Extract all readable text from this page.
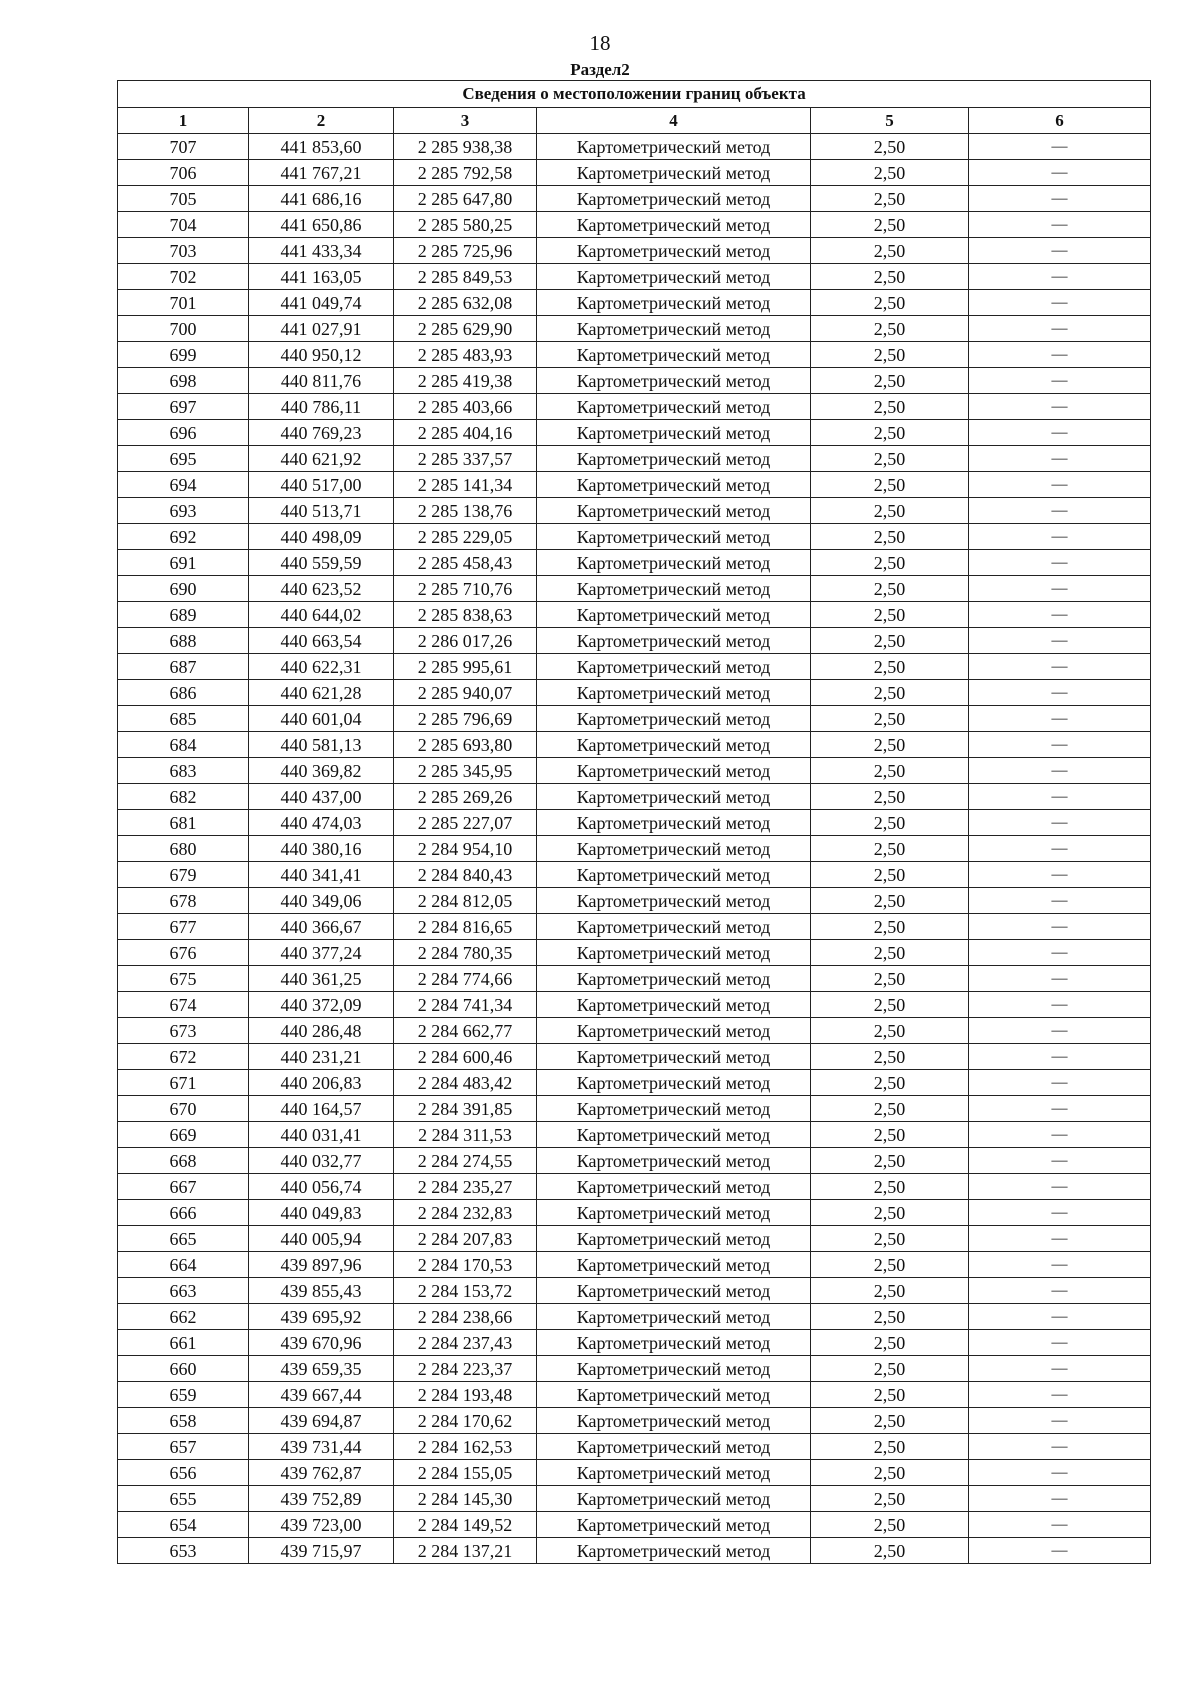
18
Раздел2
Сведения о местоположении границ объекта					
1	2	3	4	5	6
707	441 853,60	2 285 938,38	Картометрический метод	2,50	—
706	441 767,21	2 285 792,58	Картометрический метод	2,50	—
705	441 686,16	2 285 647,80	Картометрический метод	2,50	—
704	441 650,86	2 285 580,25	Картометрический метод	2,50	—
703	441 433,34	2 285 725,96	Картометрический метод	2,50	—
702	441 163,05	2 285 849,53	Картометрический метод	2,50	—
701	441 049,74	2 285 632,08	Картометрический метод	2,50	—
700	441 027,91	2 285 629,90	Картометрический метод	2,50	—
699	440 950,12	2 285 483,93	Картометрический метод	2,50	—
698	440 811,76	2 285 419,38	Картометрический метод	2,50	—
697	440 786,11	2 285 403,66	Картометрический метод	2,50	—
696	440 769,23	2 285 404,16	Картометрический метод	2,50	—
695	440 621,92	2 285 337,57	Картометрический метод	2,50	—
694	440 517,00	2 285 141,34	Картометрический метод	2,50	—
693	440 513,71	2 285 138,76	Картометрический метод	2,50	—
692	440 498,09	2 285 229,05	Картометрический метод	2,50	—
691	440 559,59	2 285 458,43	Картометрический метод	2,50	—
690	440 623,52	2 285 710,76	Картометрический метод	2,50	—
689	440 644,02	2 285 838,63	Картометрический метод	2,50	—
688	440 663,54	2 286 017,26	Картометрический метод	2,50	—
687	440 622,31	2 285 995,61	Картометрический метод	2,50	—
686	440 621,28	2 285 940,07	Картометрический метод	2,50	—
685	440 601,04	2 285 796,69	Картометрический метод	2,50	—
684	440 581,13	2 285 693,80	Картометрический метод	2,50	—
683	440 369,82	2 285 345,95	Картометрический метод	2,50	—
682	440 437,00	2 285 269,26	Картометрический метод	2,50	—
681	440 474,03	2 285 227,07	Картометрический метод	2,50	—
680	440 380,16	2 284 954,10	Картометрический метод	2,50	—
679	440 341,41	2 284 840,43	Картометрический метод	2,50	—
678	440 349,06	2 284 812,05	Картометрический метод	2,50	—
677	440 366,67	2 284 816,65	Картометрический метод	2,50	—
676	440 377,24	2 284 780,35	Картометрический метод	2,50	—
675	440 361,25	2 284 774,66	Картометрический метод	2,50	—
674	440 372,09	2 284 741,34	Картометрический метод	2,50	—
673	440 286,48	2 284 662,77	Картометрический метод	2,50	—
672	440 231,21	2 284 600,46	Картометрический метод	2,50	—
671	440 206,83	2 284 483,42	Картометрический метод	2,50	—
670	440 164,57	2 284 391,85	Картометрический метод	2,50	—
669	440 031,41	2 284 311,53	Картометрический метод	2,50	—
668	440 032,77	2 284 274,55	Картометрический метод	2,50	—
667	440 056,74	2 284 235,27	Картометрический метод	2,50	—
666	440 049,83	2 284 232,83	Картометрический метод	2,50	—
665	440 005,94	2 284 207,83	Картометрический метод	2,50	—
664	439 897,96	2 284 170,53	Картометрический метод	2,50	—
663	439 855,43	2 284 153,72	Картометрический метод	2,50	—
662	439 695,92	2 284 238,66	Картометрический метод	2,50	—
661	439 670,96	2 284 237,43	Картометрический метод	2,50	—
660	439 659,35	2 284 223,37	Картометрический метод	2,50	—
659	439 667,44	2 284 193,48	Картометрический метод	2,50	—
658	439 694,87	2 284 170,62	Картометрический метод	2,50	—
657	439 731,44	2 284 162,53	Картометрический метод	2,50	—
656	439 762,87	2 284 155,05	Картометрический метод	2,50	—
655	439 752,89	2 284 145,30	Картометрический метод	2,50	—
654	439 723,00	2 284 149,52	Картометрический метод	2,50	—
653	439 715,97	2 284 137,21	Картометрический метод	2,50	—
